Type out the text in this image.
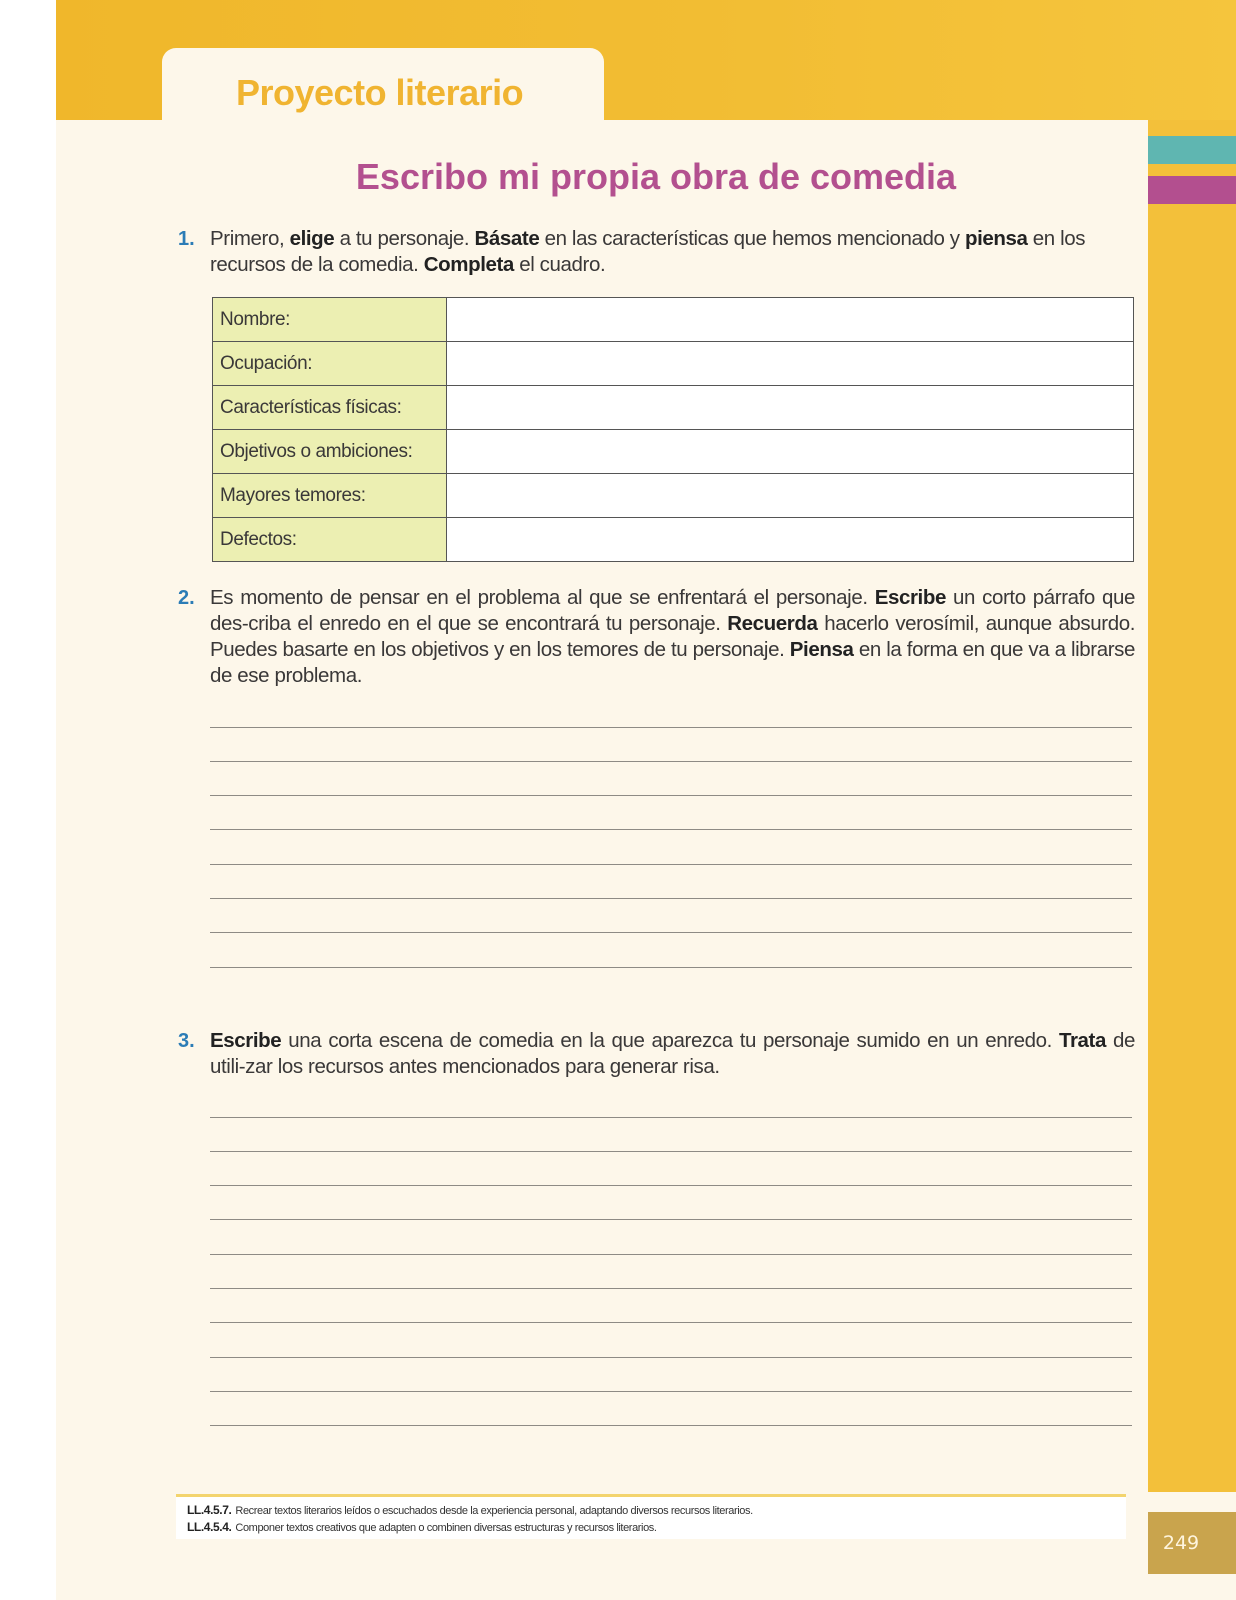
Proyecto literario
Escribo mi propia obra de comedia
1. Primero, elige a tu personaje. Básate en las características que hemos mencionado y piensa en los recursos de la comedia. Completa el cuadro.

Nombre:	
Ocupación:	
Características físicas:	
Objetivos o ambiciones:	
Mayores temores:	
Defectos:	
2. Es momento de pensar en el problema al que se enfrentará el personaje. Escribe un corto párrafo que des-criba el enredo en el que se encontrará tu personaje. Recuerda hacerlo verosímil, aunque absurdo. Puedes basarte en los objetivos y en los temores de tu personaje. Piensa en la forma en que va a librarse de ese problema.

3. Escribe una corta escena de comedia en la que aparezca tu personaje sumido en un enredo. Trata de utili-zar los recursos antes mencionados para generar risa.

LL.4.5.7. Recrear textos literarios leídos o escuchados desde la experiencia personal, adaptando diversos recursos literarios.
LL.4.5.4. Componer textos creativos que adapten o combinen diversas estructuras y recursos literarios.
249
